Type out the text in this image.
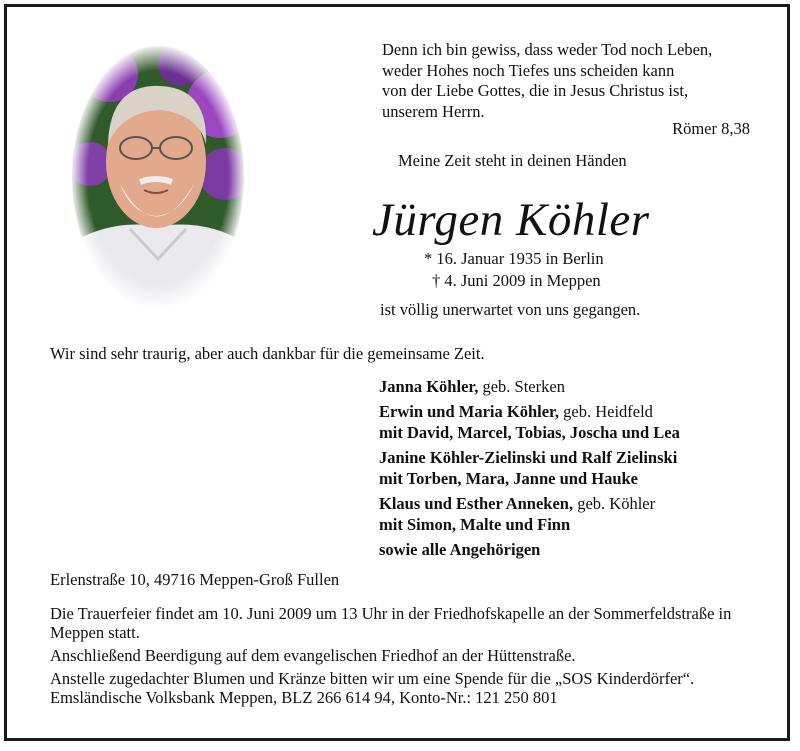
Denn ich bin gewiss, dass weder Tod noch Leben,
weder Hohes noch Tiefes uns scheiden kann
von der Liebe Gottes, die in Jesus Christus ist,
unserem Herrn.
Römer 8,38
Meine Zeit steht in deinen Händen
Jürgen Köhler
* 16. Januar 1935 in Berlin
† 4. Juni 2009 in Meppen
ist völlig unerwartet von uns gegangen.
Wir sind sehr traurig, aber auch dankbar für die gemeinsame Zeit.
Janna Köhler, geb. Sterken
Erwin und Maria Köhler, geb. Heidfeld
mit David, Marcel, Tobias, Joscha und Lea
Janine Köhler-Zielinski und Ralf Zielinski
mit Torben, Mara, Janne und Hauke
Klaus und Esther Anneken, geb. Köhler
mit Simon, Malte und Finn
sowie alle Angehörigen
Erlenstraße 10, 49716 Meppen-Groß Fullen

Die Trauerfeier findet am 10. Juni 2009 um 13 Uhr in der Friedhofskapelle an der Sommerfeldstraße in Meppen statt.

Anschließend Beerdigung auf dem evangelischen Friedhof an der Hüttenstraße.

Anstelle zugedachter Blumen und Kränze bitten wir um eine Spende für die „SOS Kinderdörfer“.

Emsländische Volksbank Meppen, BLZ 266 614 94, Konto-Nr.: 121 250 801
